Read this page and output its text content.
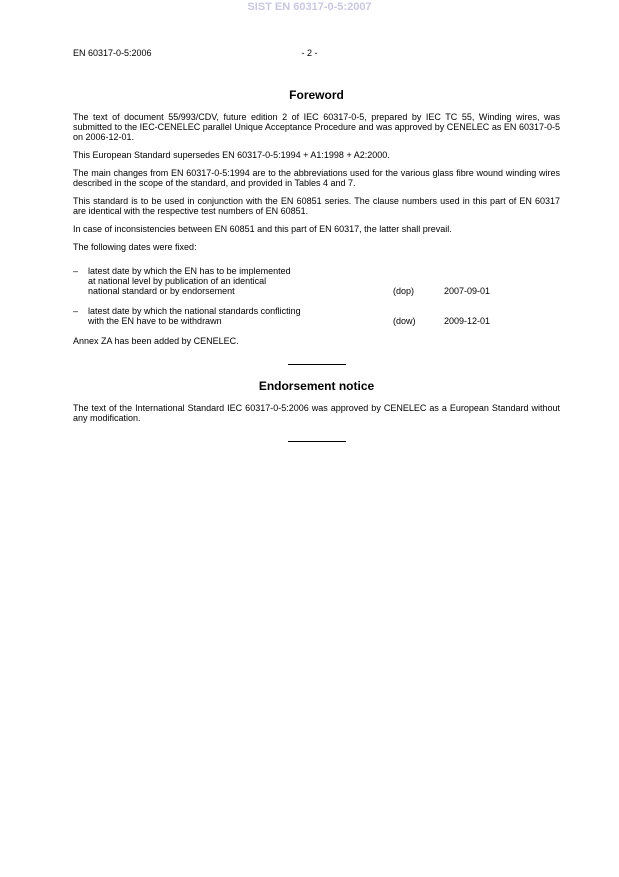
SIST EN 60317-0-5:2007
EN 60317-0-5:2006	- 2 -
Foreword

The text of document 55/993/CDV, future edition 2 of IEC 60317-0-5, prepared by IEC TC 55, Winding wires, was submitted to the IEC-CENELEC parallel Unique Acceptance Procedure and was approved by CENELEC as EN 60317-0-5 on 2006-12-01.

This European Standard supersedes EN 60317-0-5:1994 + A1:1998 + A2:2000.

The main changes from EN 60317-0-5:1994 are to the abbreviations used for the various glass fibre wound winding wires described in the scope of the standard, and provided in Tables 4 and 7.

This standard is to be used in conjunction with the EN 60851 series. The clause numbers used in this part of EN 60317 are identical with the respective test numbers of EN 60851.

In case of inconsistencies between EN 60851 and this part of EN 60317, the latter shall prevail.

The following dates were fixed:

–	latest date by which the EN has to be implemented
at national level by publication of an identical
national standard or by endorsement	(dop)	2007-09-01
–	latest date by which the national standards conflicting
with the EN have to be withdrawn	(dow)	2009-12-01

Annex ZA has been added by CENELEC.

Endorsement notice

The text of the International Standard IEC 60317-0-5:2006 was approved by CENELEC as a European Standard without any modification.
